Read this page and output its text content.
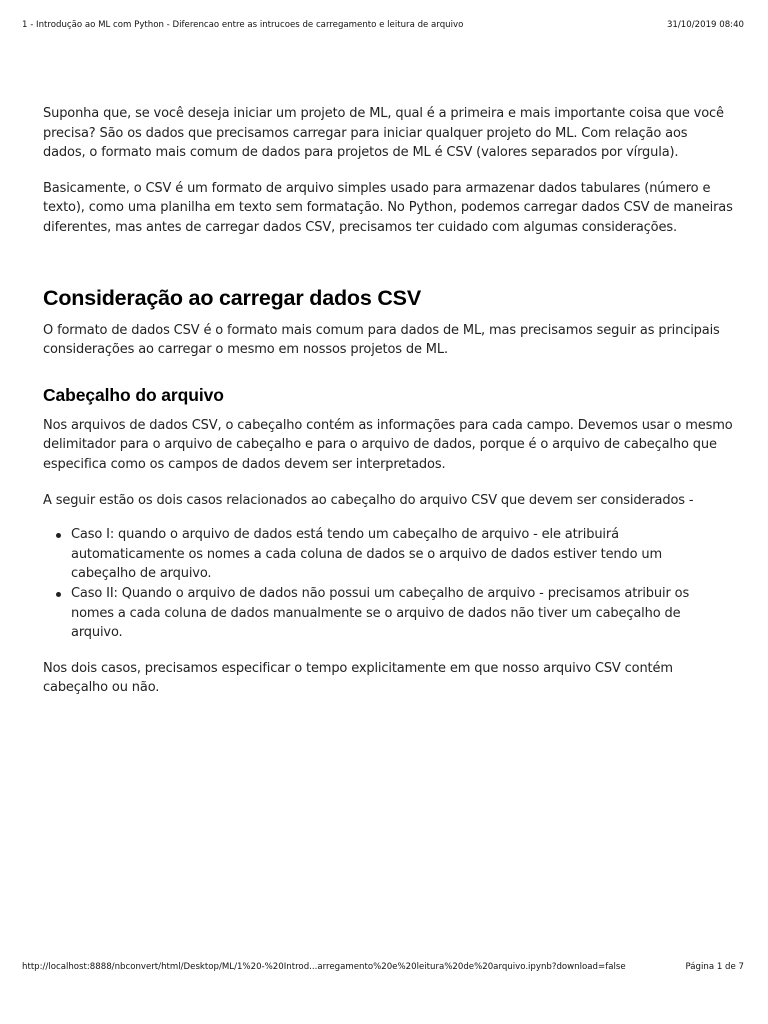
1 - Introdução ao ML com Python - Diferencao entre as intrucoes de carregamento e leitura de arquivo	31/10/2019 08:40

Suponha que, se você deseja iniciar um projeto de ML, qual é a primeira e mais importante coisa que você precisa? São os dados que precisamos carregar para iniciar qualquer projeto do ML. Com relação aos dados, o formato mais comum de dados para projetos de ML é CSV (valores separados por vírgula).

Basicamente, o CSV é um formato de arquivo simples usado para armazenar dados tabulares (número e texto), como uma planilha em texto sem formatação. No Python, podemos carregar dados CSV de maneiras diferentes, mas antes de carregar dados CSV, precisamos ter cuidado com algumas considerações.

Consideração ao carregar dados CSV

O formato de dados CSV é o formato mais comum para dados de ML, mas precisamos seguir as principais considerações ao carregar o mesmo em nossos projetos de ML.

Cabeçalho do arquivo

Nos arquivos de dados CSV, o cabeçalho contém as informações para cada campo. Devemos usar o mesmo delimitador para o arquivo de cabeçalho e para o arquivo de dados, porque é o arquivo de cabeçalho que especifica como os campos de dados devem ser interpretados.

A seguir estão os dois casos relacionados ao cabeçalho do arquivo CSV que devem ser considerados -

Caso I: quando o arquivo de dados está tendo um cabeçalho de arquivo - ele atribuirá automaticamente os nomes a cada coluna de dados se o arquivo de dados estiver tendo um cabeçalho de arquivo.
Caso II: Quando o arquivo de dados não possui um cabeçalho de arquivo - precisamos atribuir os nomes a cada coluna de dados manualmente se o arquivo de dados não tiver um cabeçalho de arquivo.

Nos dois casos, precisamos especificar o tempo explicitamente em que nosso arquivo CSV contém cabeçalho ou não.

http://localhost:8888/nbconvert/html/Desktop/ML/1%20-%20Introd...arregamento%20e%20leitura%20de%20arquivo.ipynb?download=false	Página 1 de 7
